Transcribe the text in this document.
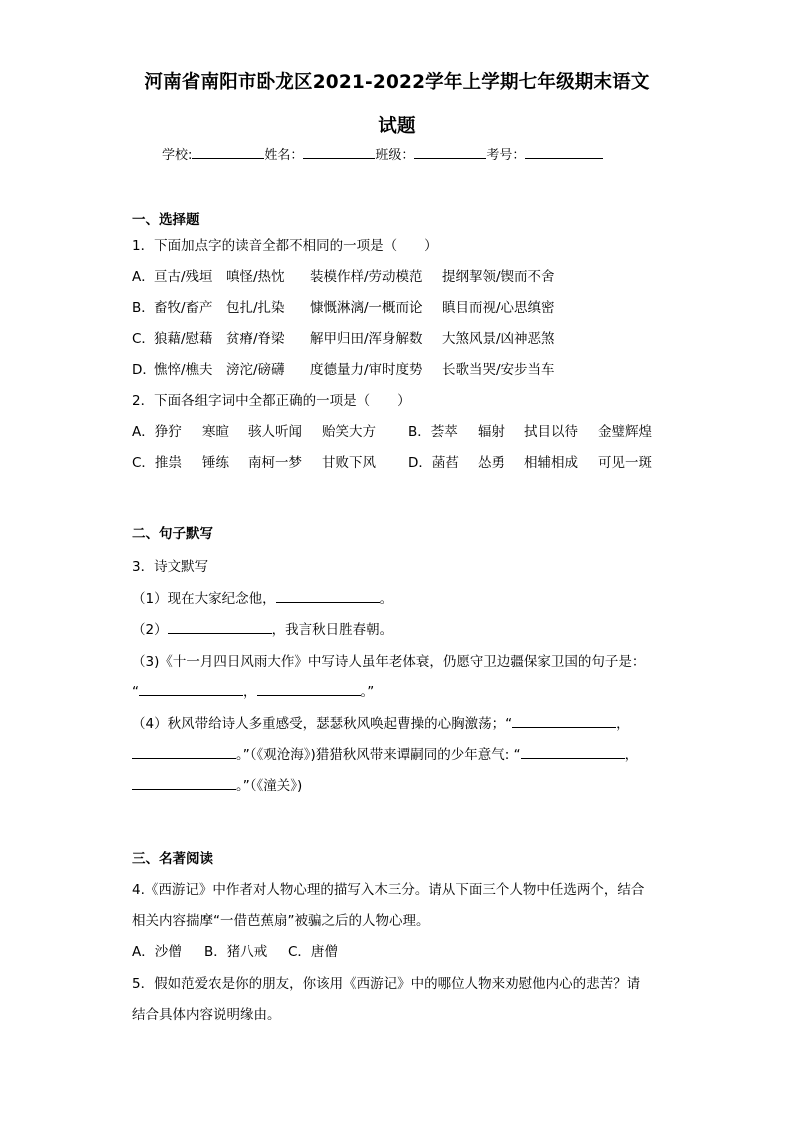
河南省南阳市卧龙区2021-2022学年上学期七年级期末语文
试题
学校:	姓名：	班级：	考号：
一、选择题
1．下面加点字的读音全都不相同的一项是（　　）
A．亘古/残垣 嗔怪/热忱 装模作样/劳动模范 提纲挈领/锲而不舍
B．畜牧/畜产 包扎/扎染 慷慨淋漓/一概而论 瞋目而视/心思缜密
C．狼藉/慰藉 贫瘠/脊梁 解甲归田/浑身解数 大煞风景/凶神恶煞
D．憔悴/樵夫 滂沱/磅礴 度德量力/审时度势 长歌当哭/安步当车
2．下面各组字词中全都正确的一项是（　　）
A．狰狞 寒暄 骇人听闻 贻笑大方 B．荟萃 辐射 拭目以待 金璧辉煌
C．推祟 锤练 南柯一梦 甘败下风 D．菡萏 怂勇 相辅相成 可见一斑
二、句子默写
3．诗文默写
（1）现在大家纪念他，	。
（2）	，我言秋日胜春朝。
（3)《十一月四日风雨大作》中写诗人虽年老体衰，仍愿守卫边疆保家卫国的句子是：
“	，	。”
（4）秋风带给诗人多重感受，瑟瑟秋风唤起曹操的心胸激荡；“	，
。”（《观沧海》)猎猎秋风带来谭嗣同的少年意气: “	，
。”（《潼关》)
三、名著阅读
4.《西游记》中作者对人物心理的描写入木三分。请从下面三个人物中任选两个，结合
相关内容揣摩“一借芭蕉扇”被骗之后的人物心理。
A．沙僧 B．猪八戒 C．唐僧
5．假如范爱农是你的朋友，你该用《西游记》中的哪位人物来劝慰他内心的悲苦？请
结合具体内容说明缘由。
